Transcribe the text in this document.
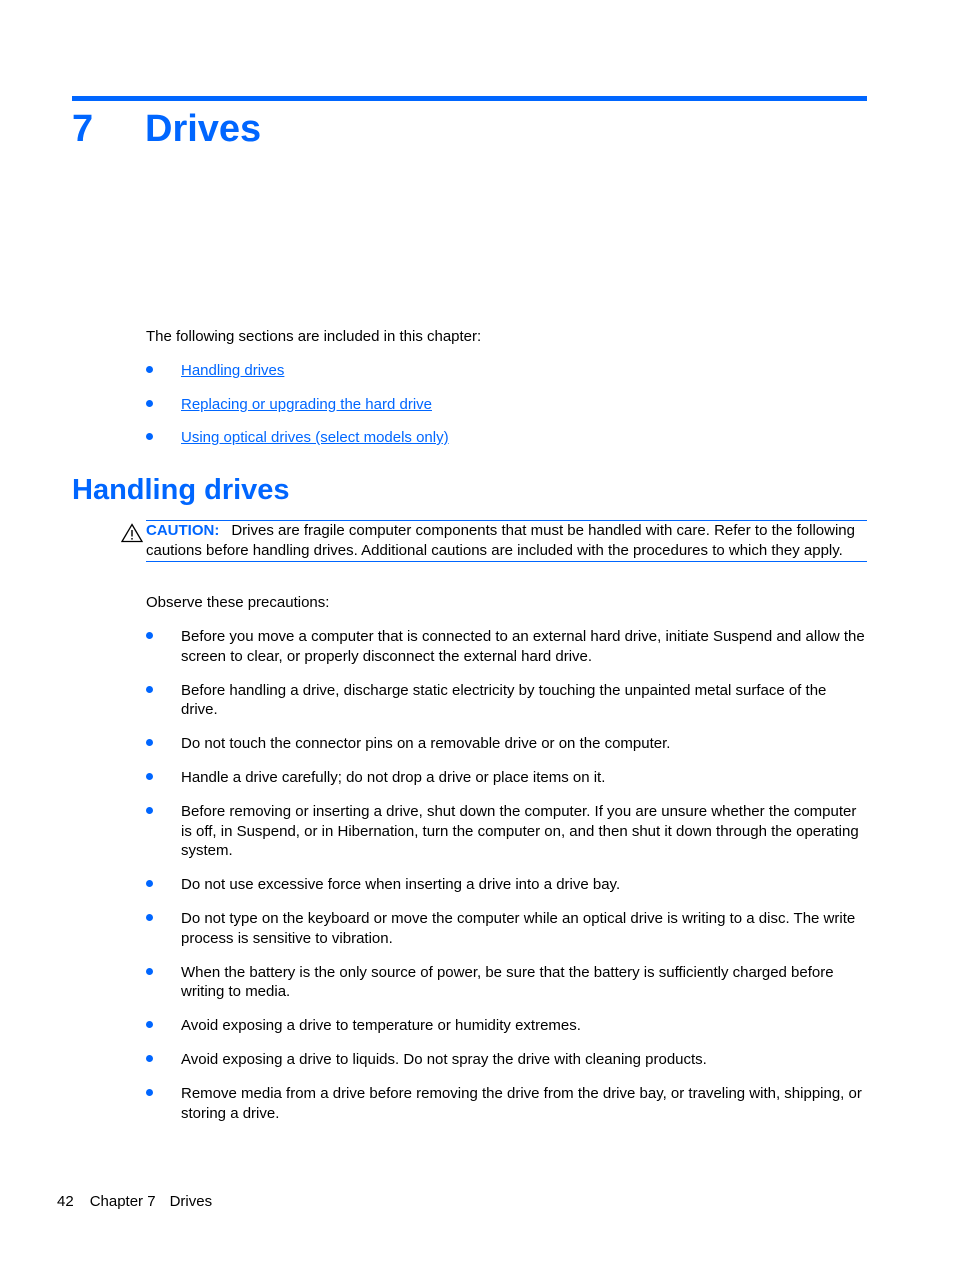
7 Drives

The following sections are included in this chapter:

Handling drives
Replacing or upgrading the hard drive
Using optical drives (select models only)
Handling drives
CAUTION: Drives are fragile computer components that must be handled with care. Refer to the following cautions before handling drives. Additional cautions are included with the procedures to which they apply.

Observe these precautions:

Before you move a computer that is connected to an external hard drive, initiate Suspend and allow the screen to clear, or properly disconnect the external hard drive.
Before handling a drive, discharge static electricity by touching the unpainted metal surface of the drive.
Do not touch the connector pins on a removable drive or on the computer.
Handle a drive carefully; do not drop a drive or place items on it.
Before removing or inserting a drive, shut down the computer. If you are unsure whether the computer is off, in Suspend, or in Hibernation, turn the computer on, and then shut it down through the operating system.
Do not use excessive force when inserting a drive into a drive bay.
Do not type on the keyboard or move the computer while an optical drive is writing to a disc. The write process is sensitive to vibration.
When the battery is the only source of power, be sure that the battery is sufficiently charged before writing to media.
Avoid exposing a drive to temperature or humidity extremes.
Avoid exposing a drive to liquids. Do not spray the drive with cleaning products.
Remove media from a drive before removing the drive from the drive bay, or traveling with, shipping, or storing a drive.
42 Chapter 7 Drives
